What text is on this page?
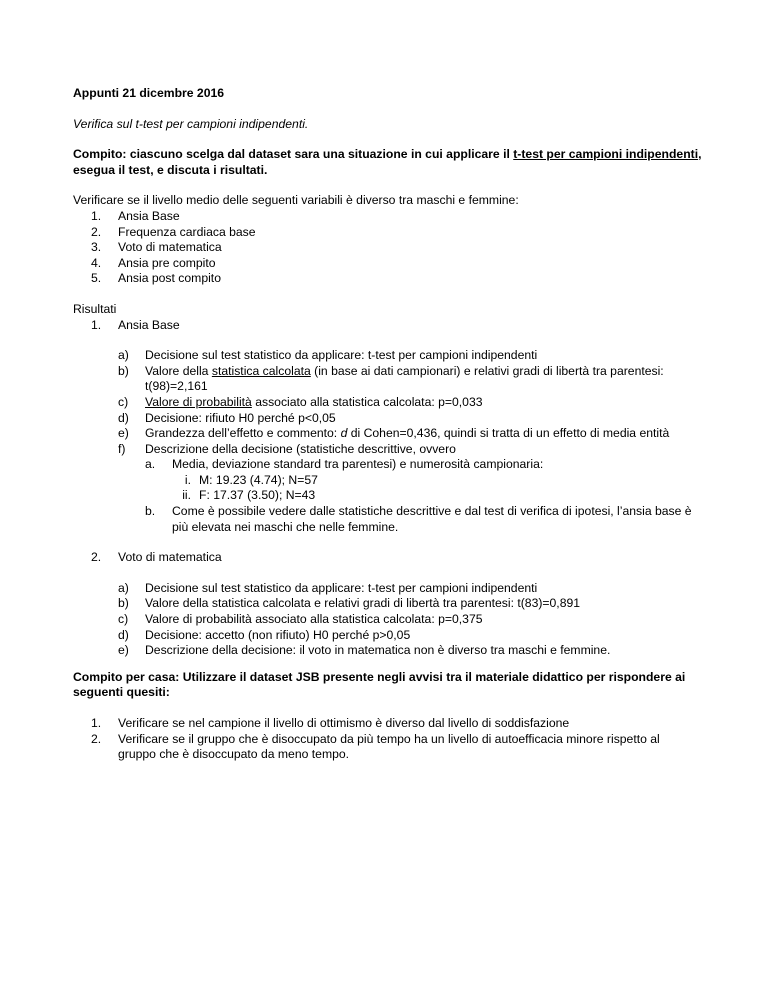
Appunti 21 dicembre 2016

Verifica sul t-test per campioni indipendenti.

Compito: ciascuno scelga dal dataset sara una situazione in cui applicare il t-test per campioni indipendenti, esegua il test, e discuta i risultati.

Verificare se il livello medio delle seguenti variabili è diverso tra maschi e femmine:

1.	Ansia Base
2.	Frequenza cardiaca base
3.	Voto di matematica
4.	Ansia pre compito
5.	Ansia post compito

Risultati

1.	Ansia Base
a)	Decisione sul test statistico da applicare: t-test per campioni indipendenti
b)	Valore della statistica calcolata (in base ai dati campionari) e relativi gradi di libertà tra parentesi: t(98)=2,161
c)	Valore di probabilità associato alla statistica calcolata: p=0,033
d)	Decisione: rifiuto H0 perché p<0,05
e)	Grandezza dell’effetto e commento: d di Cohen=0,436, quindi si tratta di un effetto di media entità
f)	Descrizione della decisione (statistiche descrittive, ovvero
a.	Media, deviazione standard tra parentesi) e numerosità campionaria:
i. M: 19.23 (4.74); N=57
ii. F: 17.37 (3.50); N=43
b.	Come è possibile vedere dalle statistiche descrittive e dal test di verifica di ipotesi, l’ansia base è più elevata nei maschi che nelle femmine.
2.	Voto di matematica
a)	Decisione sul test statistico da applicare: t-test per campioni indipendenti
b)	Valore della statistica calcolata e relativi gradi di libertà tra parentesi: t(83)=0,891
c)	Valore di probabilità associato alla statistica calcolata: p=0,375
d)	Decisione: accetto (non rifiuto) H0 perché p>0,05
e)	Descrizione della decisione: il voto in matematica non è diverso tra maschi e femmine.

Compito per casa: Utilizzare il dataset JSB presente negli avvisi tra il materiale didattico per rispondere ai seguenti quesiti:

1.	Verificare se nel campione il livello di ottimismo è diverso dal livello di soddisfazione
2.	Verificare se il gruppo che è disoccupato da più tempo ha un livello di autoefficacia minore rispetto al gruppo che è disoccupato da meno tempo.
